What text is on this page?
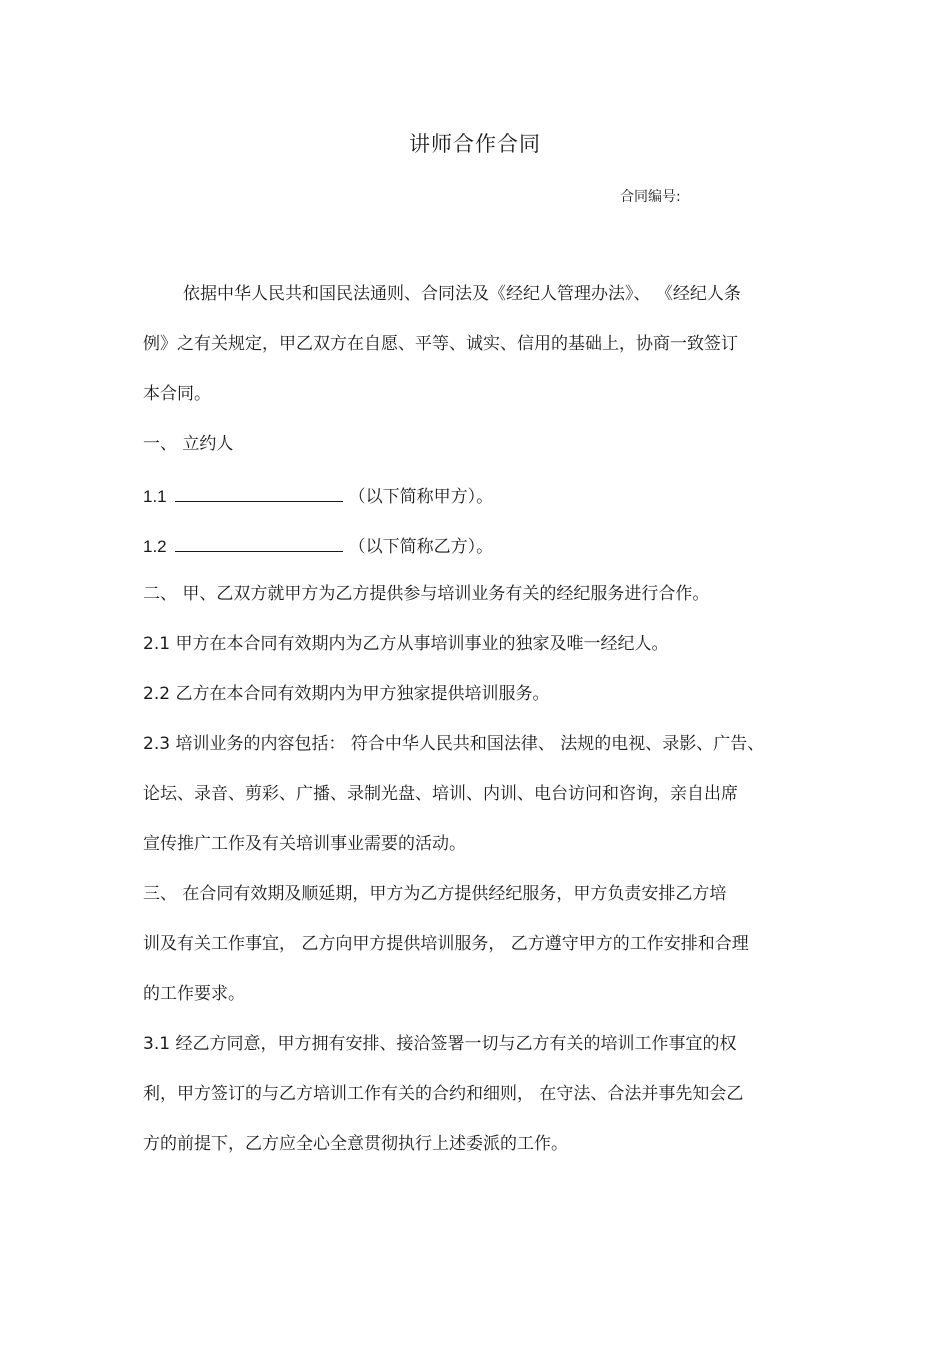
讲师合作合同
合同编号:
依据中华人民共和国民法通则、合同法及《经纪人管理办法》、 《经纪人条
例》之有关规定，甲乙双方在自愿、平等、诚实、信用的基础上，协商一致签订
本合同。
一、 立约人
1.1	（以下简称甲方）。
1.2	（以下简称乙方）。
二、 甲、乙双方就甲方为乙方提供参与培训业务有关的经纪服务进行合作。
2.1 甲方在本合同有效期内为乙方从事培训事业的独家及唯一经纪人。
2.2 乙方在本合同有效期内为甲方独家提供培训服务。
2.3 培训业务的内容包括： 符合中华人民共和国法律、 法规的电视、录影、广告、
论坛、录音、剪彩、广播、录制光盘、培训、内训、电台访问和咨询，亲自出席
宣传推广工作及有关培训事业需要的活动。
三、 在合同有效期及顺延期，甲方为乙方提供经纪服务，甲方负责安排乙方培
训及有关工作事宜， 乙方向甲方提供培训服务， 乙方遵守甲方的工作安排和合理
的工作要求。
3.1 经乙方同意，甲方拥有安排、接洽签署一切与乙方有关的培训工作事宜的权
利，甲方签订的与乙方培训工作有关的合约和细则， 在守法、合法并事先知会乙
方的前提下，乙方应全心全意贯彻执行上述委派的工作。
